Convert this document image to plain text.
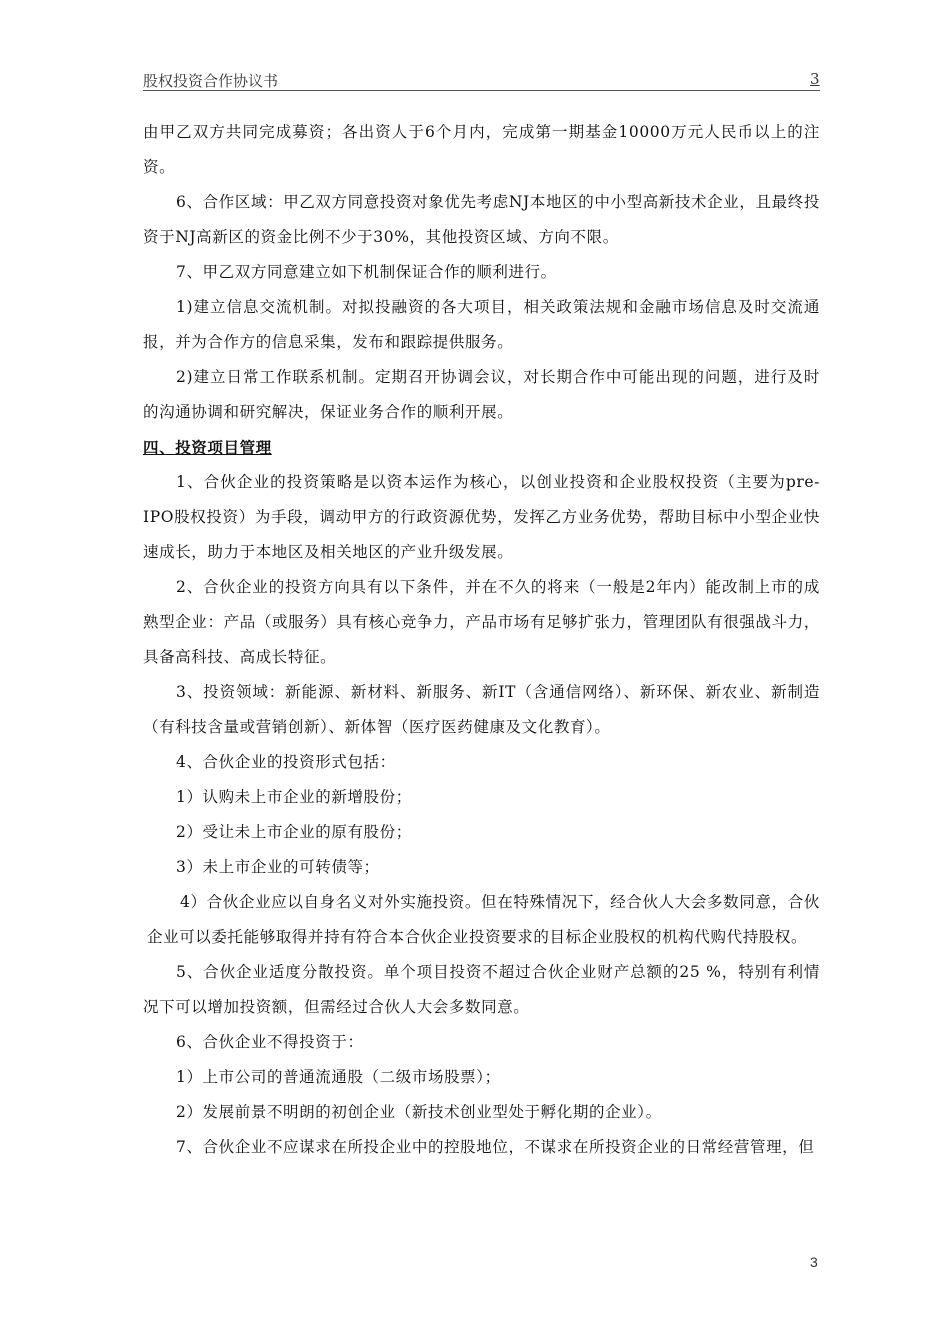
股权投资合作协议书	3

由甲乙双方共同完成募资；各出资人于6个月内，完成第一期基金10000万元人民币以上的注资。

6、合作区域：甲乙双方同意投资对象优先考虑NJ本地区的中小型高新技术企业，且最终投资于NJ高新区的资金比例不少于30%，其他投资区域、方向不限。

7、甲乙双方同意建立如下机制保证合作的顺利进行。

1)建立信息交流机制。对拟投融资的各大项目，相关政策法规和金融市场信息及时交流通报，并为合作方的信息采集，发布和跟踪提供服务。

2)建立日常工作联系机制。定期召开协调会议，对长期合作中可能出现的问题，进行及时的沟通协调和研究解决，保证业务合作的顺利开展。

四、投资项目管理

1、合伙企业的投资策略是以资本运作为核心，以创业投资和企业股权投资（主要为pre-IPO股权投资）为手段，调动甲方的行政资源优势，发挥乙方业务优势，帮助目标中小型企业快速成长，助力于本地区及相关地区的产业升级发展。

2、合伙企业的投资方向具有以下条件，并在不久的将来（一般是2年内）能改制上市的成熟型企业：产品（或服务）具有核心竞争力，产品市场有足够扩张力，管理团队有很强战斗力，具备高科技、高成长特征。

3、投资领域：新能源、新材料、新服务、新IT（含通信网络）、新环保、新农业、新制造（有科技含量或营销创新）、新体智（医疗医药健康及文化教育）。

4、合伙企业的投资形式包括：

1）认购未上市企业的新增股份；

2）受让未上市企业的原有股份；

3）未上市企业的可转债等；

4）合伙企业应以自身名义对外实施投资。但在特殊情况下，经合伙人大会多数同意，合伙企业可以委托能够取得并持有符合本合伙企业投资要求的目标企业股权的机构代购代持股权。

5、合伙企业适度分散投资。单个项目投资不超过合伙企业财产总额的25 %，特别有利情况下可以增加投资额，但需经过合伙人大会多数同意。

6、合伙企业不得投资于：

1）上市公司的普通流通股（二级市场股票）；

2）发展前景不明朗的初创企业（新技术创业型处于孵化期的企业）。

7、合伙企业不应谋求在所投企业中的控股地位，不谋求在所投资企业的日常经营管理，但

3
